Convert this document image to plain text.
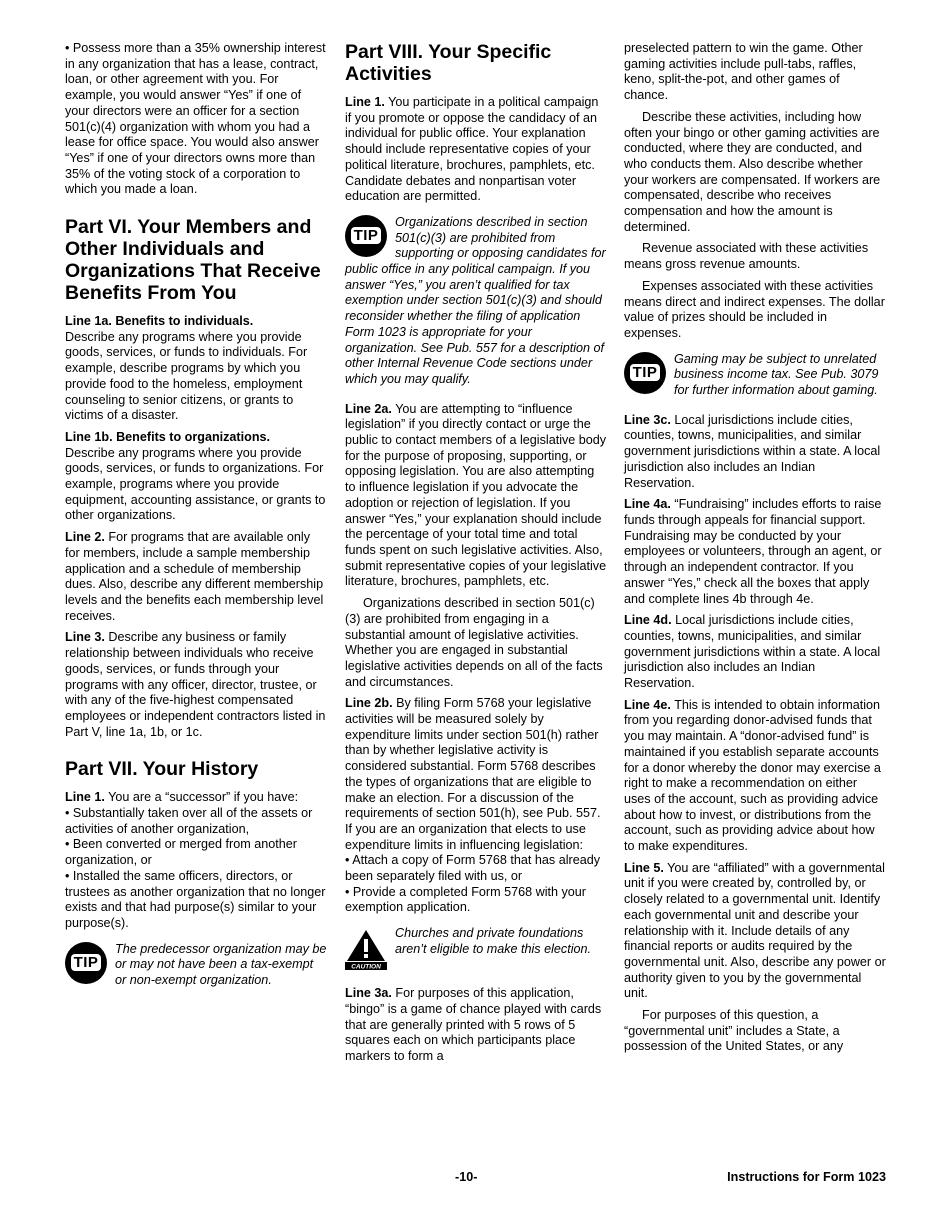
• Possess more than a 35% ownership interest in any organization that has a lease, contract, loan, or other agreement with you. For example, you would answer “Yes” if one of your directors were an officer for a section 501(c)(4) organization with whom you had a lease for office space. You would also answer “Yes” if one of your directors owns more than 35% of the voting stock of a corporation to which you made a loan.

Part VI. Your Members and Other Individuals and Organizations That Receive Benefits From You

Line 1a. Benefits to individuals.
Describe any programs where you provide goods, services, or funds to individuals. For example, describe programs by which you provide food to the homeless, employment counseling to senior citizens, or grants to victims of a disaster.

Line 1b. Benefits to organizations.
Describe any programs where you provide goods, services, or funds to organizations. For example, programs where you provide equipment, accounting assistance, or grants to other organizations.

Line 2. For programs that are available only for members, include a sample membership application and a schedule of membership dues. Also, describe any different membership levels and the benefits each membership level receives.

Line 3. Describe any business or family relationship between individuals who receive goods, services, or funds through your programs with any officer, director, trustee, or with any of the five-highest compensated employees or independent contractors listed in Part V, line 1a, 1b, or 1c.

Part VII. Your History

Line 1. You are a “successor” if you have:

• Substantially taken over all of the assets or activities of another organization,

• Been converted or merged from another organization, or

• Installed the same officers, directors, or trustees as another organization that no longer exists and that had purpose(s) similar to your purpose(s).

TIP

The predecessor organization may be or may not have been a tax-exempt or non-exempt organization.

Part VIII. Your Specific Activities

Line 1. You participate in a political campaign if you promote or oppose the candidacy of an individual for public office. Your explanation should include representative copies of your political literature, brochures, pamphlets, etc. Candidate debates and nonpartisan voter education are permitted.

TIP

Organizations described in section 501(c)(3) are prohibited from supporting or opposing candidates for public office in any political campaign. If you answer “Yes,” you aren’t qualified for tax exemption under section 501(c)(3) and should reconsider whether the filing of application Form 1023 is appropriate for your organization. See Pub. 557 for a description of other Internal Revenue Code sections under which you may qualify.

Line 2a. You are attempting to “influence legislation” if you directly contact or urge the public to contact members of a legislative body for the purpose of proposing, supporting, or opposing legislation. You are also attempting to influence legislation if you advocate the adoption or rejection of legislation. If you answer “Yes,” your explanation should include the percentage of your total time and total funds spent on such legislative activities. Also, submit representative copies of your legislative literature, brochures, pamphlets, etc.

Organizations described in section 501(c)(3) are prohibited from engaging in a substantial amount of legislative activities. Whether you are engaged in substantial legislative activities depends on all of the facts and circumstances.

Line 2b. By filing Form 5768 your legislative activities will be measured solely by expenditure limits under section 501(h) rather than by whether legislative activity is considered substantial. Form 5768 describes the types of organizations that are eligible to make an election. For a discussion of the requirements of section 501(h), see Pub. 557. If you are an organization that elects to use expenditure limits in influencing legislation:

• Attach a copy of Form 5768 that has already been separately filed with us, or

• Provide a completed Form 5768 with your exemption application.

CAUTION

Churches and private foundations aren’t eligible to make this election.

Line 3a. For purposes of this application, “bingo” is a game of chance played with cards that are generally printed with 5 rows of 5 squares each on which participants place markers to form a

preselected pattern to win the game. Other gaming activities include pull-tabs, raffles, keno, split-the-pot, and other games of chance.

Describe these activities, including how often your bingo or other gaming activities are conducted, where they are conducted, and who conducts them. Also describe whether your workers are compensated. If workers are compensated, describe who receives compensation and how the amount is determined.

Revenue associated with these activities means gross revenue amounts.

Expenses associated with these activities means direct and indirect expenses. The dollar value of prizes should be included in expenses.

TIP

Gaming may be subject to unrelated business income tax. See Pub. 3079 for further information about gaming.

Line 3c. Local jurisdictions include cities, counties, towns, municipalities, and similar government jurisdictions within a state. A local jurisdiction also includes an Indian Reservation.

Line 4a. “Fundraising” includes efforts to raise funds through appeals for financial support. Fundraising may be conducted by your employees or volunteers, through an agent, or through an independent contractor. If you answer “Yes,” check all the boxes that apply and complete lines 4b through 4e.

Line 4d. Local jurisdictions include cities, counties, towns, municipalities, and similar government jurisdictions within a state. A local jurisdiction also includes an Indian Reservation.

Line 4e. This is intended to obtain information from you regarding donor-advised funds that you may maintain. A “donor-advised fund” is maintained if you establish separate accounts for a donor whereby the donor may exercise a right to make a recommendation on either uses of the account, such as providing advice about how to invest, or distributions from the account, such as providing advice about how to make expenditures.

Line 5. You are “affiliated” with a governmental unit if you were created by, controlled by, or closely related to a governmental unit. Identify each governmental unit and describe your relationship with it. Include details of any financial reports or audits required by the governmental unit. Also, describe any power or authority given to you by the governmental unit.

For purposes of this question, a “governmental unit” includes a State, a possession of the United States, or any

-10-	Instructions for Form 1023
